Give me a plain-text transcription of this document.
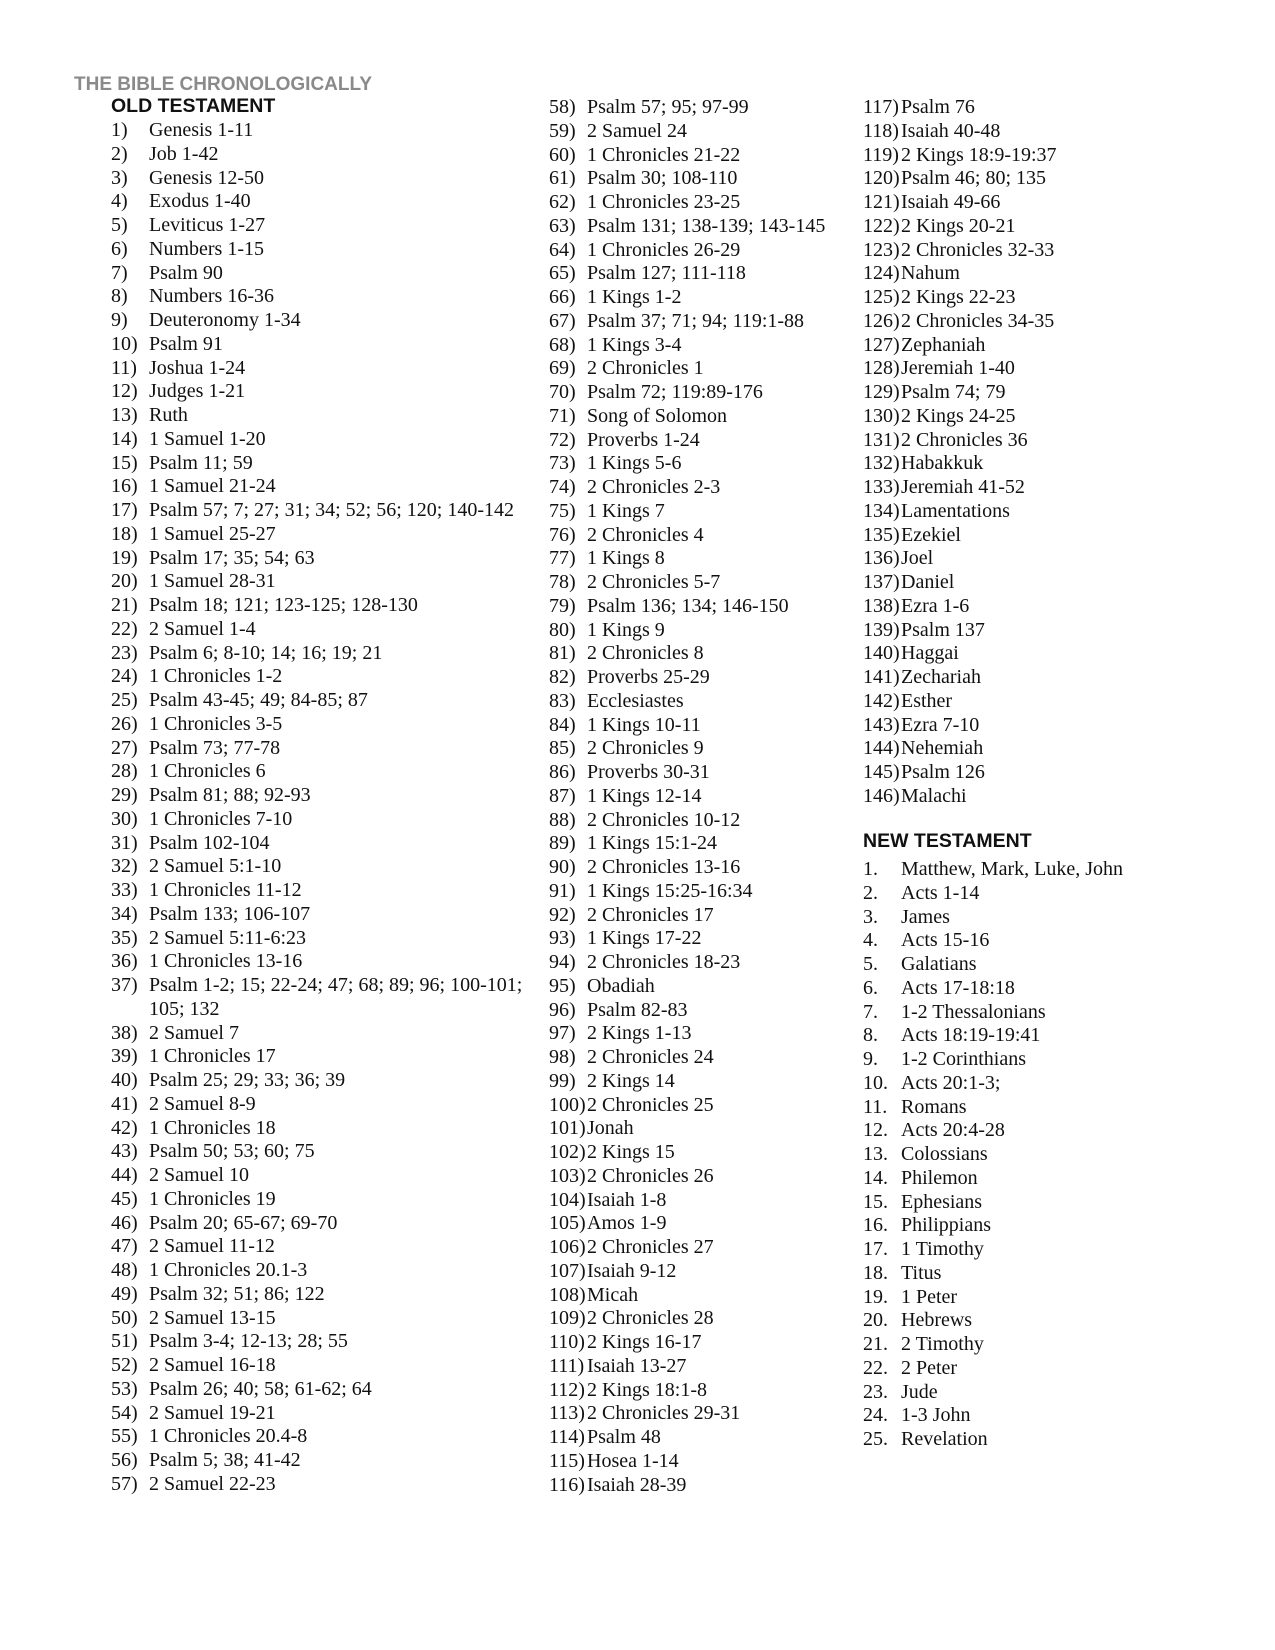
THE BIBLE CHRONOLOGICALLY
OLD TESTAMENT
NEW TESTAMENT
1) Genesis 1-11
2) Job 1-42
3) Genesis 12-50
4) Exodus 1-40
5) Leviticus 1-27
6) Numbers 1-15
7) Psalm 90
8) Numbers 16-36
9) Deuteronomy 1-34
10) Psalm 91
11) Joshua 1-24
12) Judges 1-21
13) Ruth
14) 1 Samuel 1-20
15) Psalm 11; 59
16) 1 Samuel 21-24
17) Psalm 57; 7; 27; 31; 34; 52; 56; 120; 140-142
18) 1 Samuel 25-27
19) Psalm 17; 35; 54; 63
20) 1 Samuel 28-31
21) Psalm 18; 121; 123-125; 128-130
22) 2 Samuel 1-4
23) Psalm 6; 8-10; 14; 16; 19; 21
24) 1 Chronicles 1-2
25) Psalm 43-45; 49; 84-85; 87
26) 1 Chronicles 3-5
27) Psalm 73; 77-78
28) 1 Chronicles 6
29) Psalm 81; 88; 92-93
30) 1 Chronicles 7-10
31) Psalm 102-104
32) 2 Samuel 5:1-10
33) 1 Chronicles 11-12
34) Psalm 133; 106-107
35) 2 Samuel 5:11-6:23
36) 1 Chronicles 13-16
37) Psalm 1-2; 15; 22-24; 47; 68; 89; 96; 100-101; 105; 132
38) 2 Samuel 7
39) 1 Chronicles 17
40) Psalm 25; 29; 33; 36; 39
41) 2 Samuel 8-9
42) 1 Chronicles 18
43) Psalm 50; 53; 60; 75
44) 2 Samuel 10
45) 1 Chronicles 19
46) Psalm 20; 65-67; 69-70
47) 2 Samuel 11-12
48) 1 Chronicles 20.1-3
49) Psalm 32; 51; 86; 122
50) 2 Samuel 13-15
51) Psalm 3-4; 12-13; 28; 55
52) 2 Samuel 16-18
53) Psalm 26; 40; 58; 61-62; 64
54) 2 Samuel 19-21
55) 1 Chronicles 20.4-8
56) Psalm 5; 38; 41-42
57) 2 Samuel 22-23
58) Psalm 57; 95; 97-99
59) 2 Samuel 24
60) 1 Chronicles 21-22
61) Psalm 30; 108-110
62) 1 Chronicles 23-25
63) Psalm 131; 138-139; 143-145
64) 1 Chronicles 26-29
65) Psalm 127; 111-118
66) 1 Kings 1-2
67) Psalm 37; 71; 94; 119:1-88
68) 1 Kings 3-4
69) 2 Chronicles 1
70) Psalm 72; 119:89-176
71) Song of Solomon
72) Proverbs 1-24
73) 1 Kings 5-6
74) 2 Chronicles 2-3
75) 1 Kings 7
76) 2 Chronicles 4
77) 1 Kings 8
78) 2 Chronicles 5-7
79) Psalm 136; 134; 146-150
80) 1 Kings 9
81) 2 Chronicles 8
82) Proverbs 25-29
83) Ecclesiastes
84) 1 Kings 10-11
85) 2 Chronicles 9
86) Proverbs 30-31
87) 1 Kings 12-14
88) 2 Chronicles 10-12
89) 1 Kings 15:1-24
90) 2 Chronicles 13-16
91) 1 Kings 15:25-16:34
92) 2 Chronicles 17
93) 1 Kings 17-22
94) 2 Chronicles 18-23
95) Obadiah
96) Psalm 82-83
97) 2 Kings 1-13
98) 2 Chronicles 24
99) 2 Kings 14
100) 2 Chronicles 25
101) Jonah
102) 2 Kings 15
103) 2 Chronicles 26
104) Isaiah 1-8
105) Amos 1-9
106) 2 Chronicles 27
107) Isaiah 9-12
108) Micah
109) 2 Chronicles 28
110) 2 Kings 16-17
111) Isaiah 13-27
112) 2 Kings 18:1-8
113) 2 Chronicles 29-31
114) Psalm 48
115) Hosea 1-14
116) Isaiah 28-39
117) Psalm 76
118) Isaiah 40-48
119) 2 Kings 18:9-19:37
120) Psalm 46; 80; 135
121) Isaiah 49-66
122) 2 Kings 20-21
123) 2 Chronicles 32-33
124) Nahum
125) 2 Kings 22-23
126) 2 Chronicles 34-35
127) Zephaniah
128) Jeremiah 1-40
129) Psalm 74; 79
130) 2 Kings 24-25
131) 2 Chronicles 36
132) Habakkuk
133) Jeremiah 41-52
134) Lamentations
135) Ezekiel
136) Joel
137) Daniel
138) Ezra 1-6
139) Psalm 137
140) Haggai
141) Zechariah
142) Esther
143) Ezra 7-10
144) Nehemiah
145) Psalm 126
146) Malachi
1. Matthew, Mark, Luke, John
2. Acts 1-14
3. James
4. Acts 15-16
5. Galatians
6. Acts 17-18:18
7. 1-2 Thessalonians
8. Acts 18:19-19:41
9. 1-2 Corinthians
10. Acts 20:1-3;
11. Romans
12. Acts 20:4-28
13. Colossians
14. Philemon
15. Ephesians
16. Philippians
17. 1 Timothy
18. Titus
19. 1 Peter
20. Hebrews
21. 2 Timothy
22. 2 Peter
23. Jude
24. 1-3 John
25. Revelation
